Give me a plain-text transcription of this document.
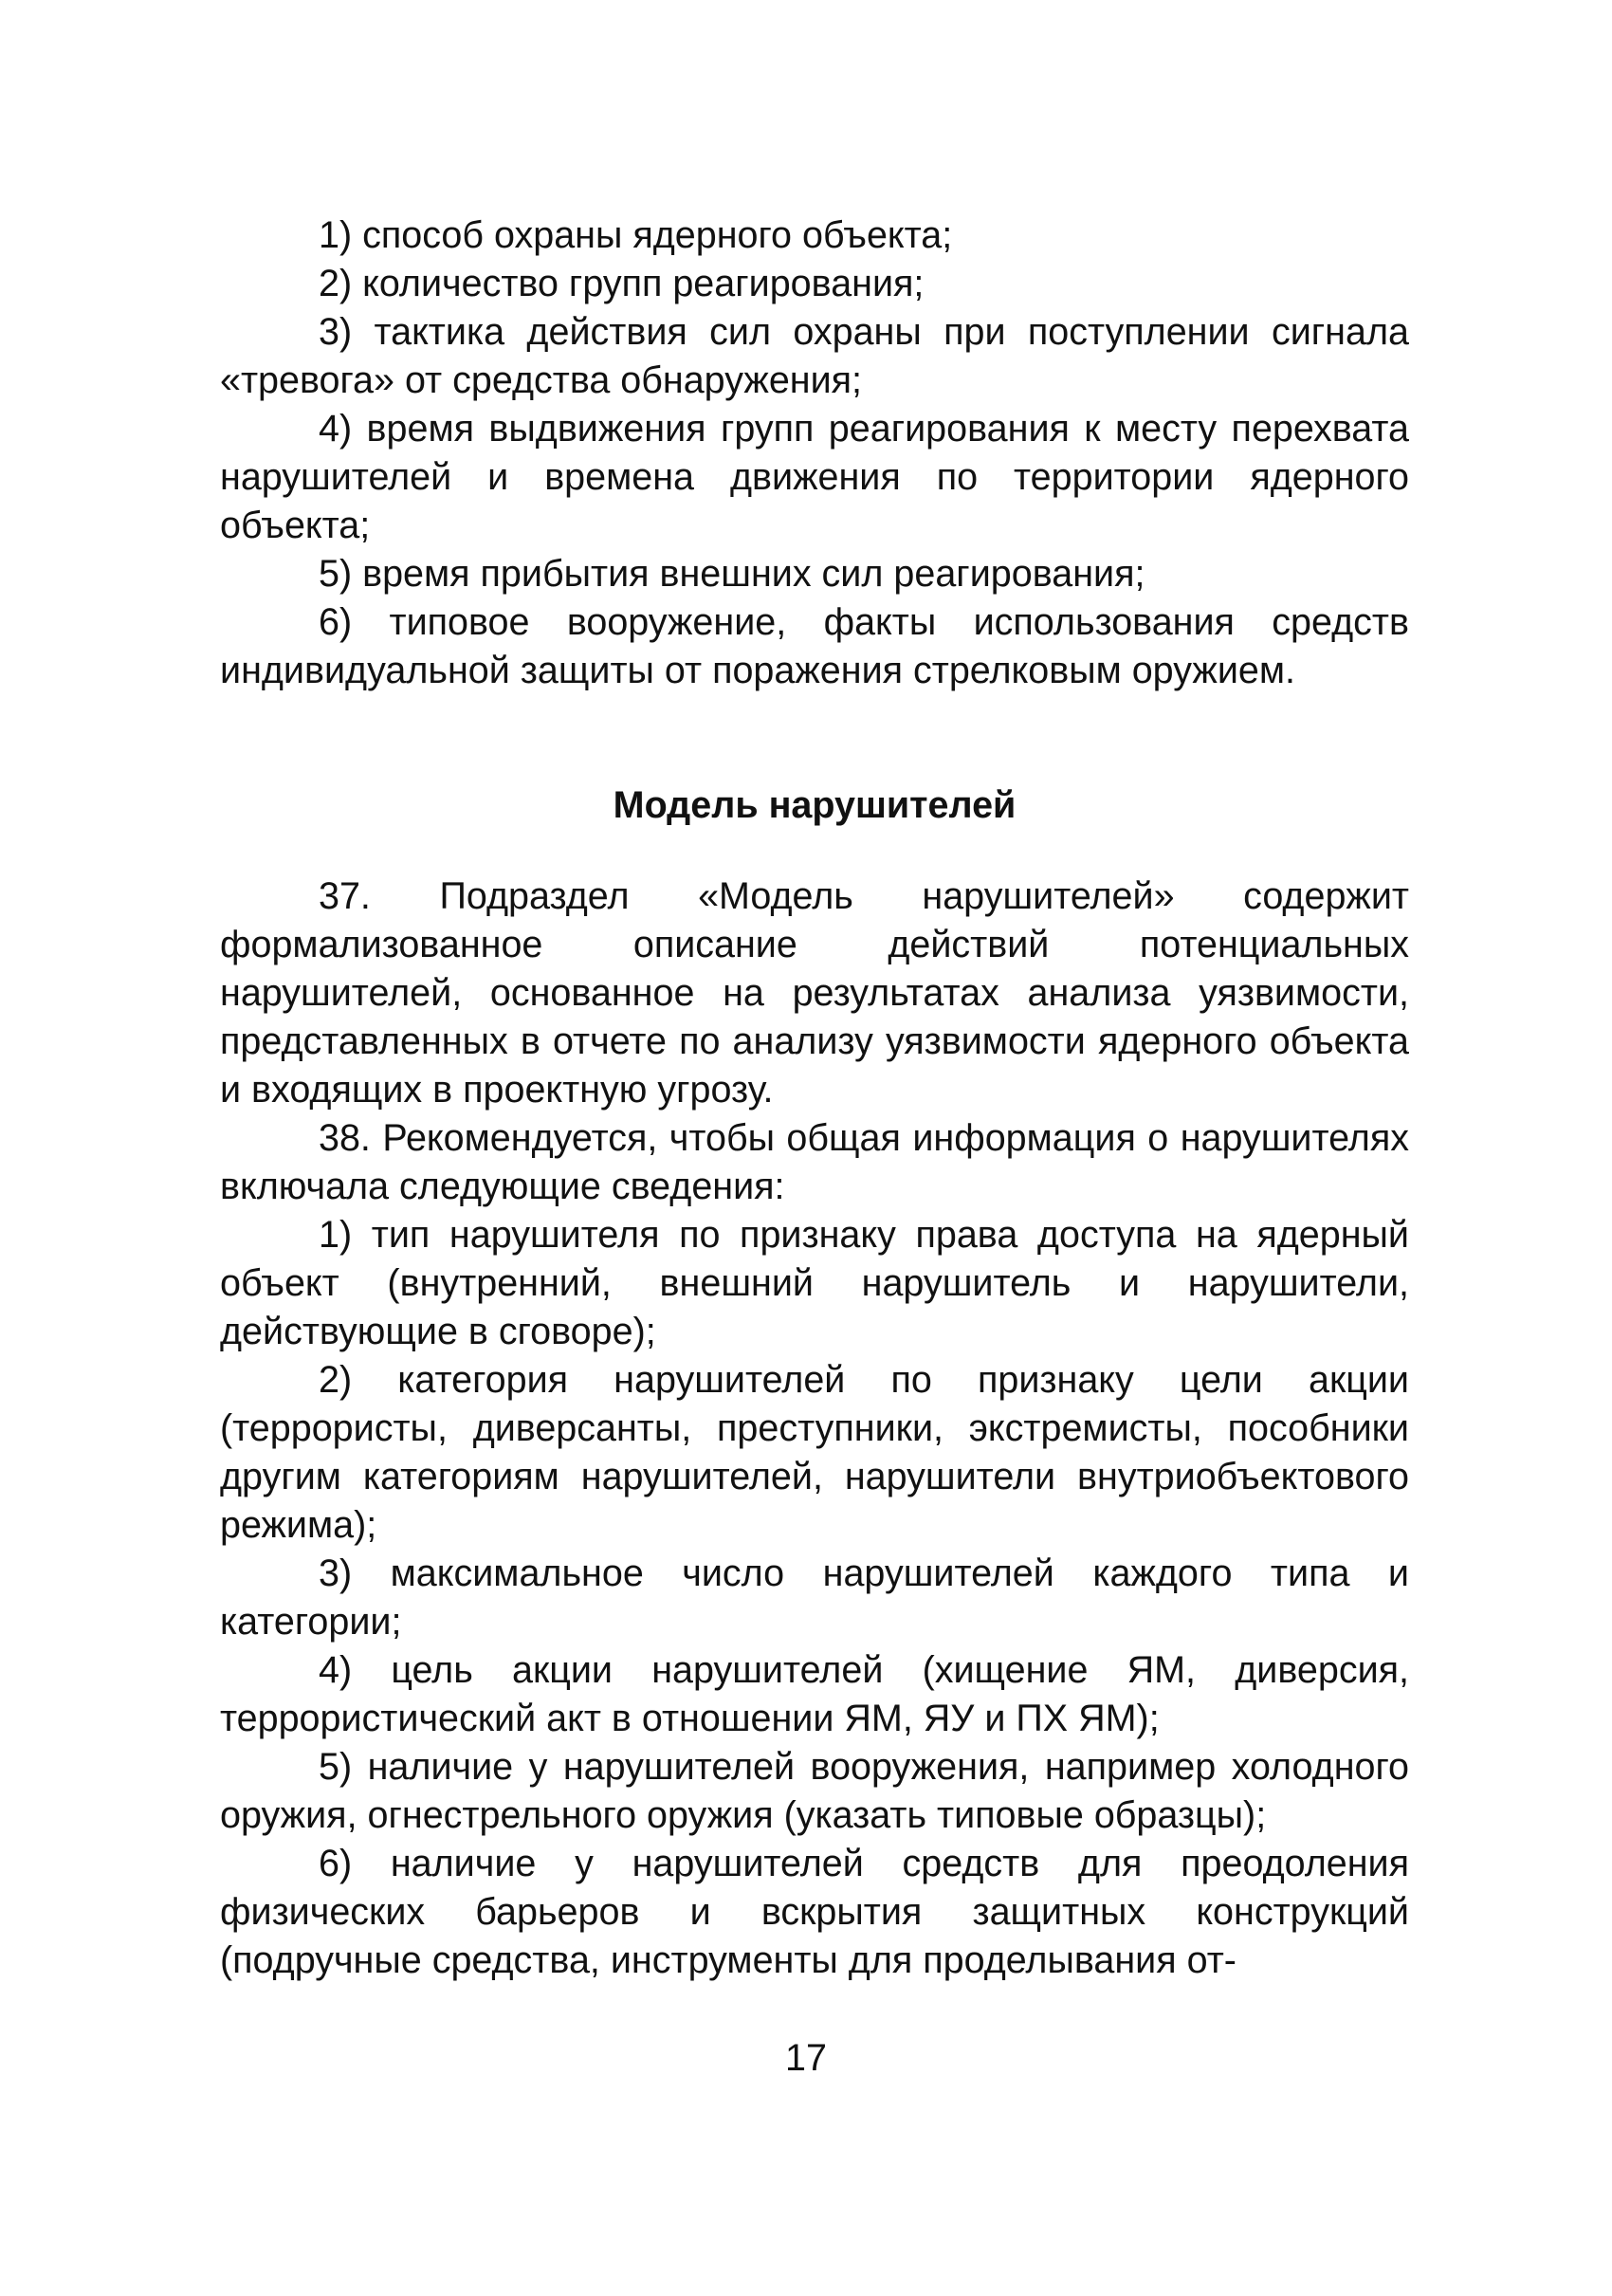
1) способ охраны ядерного объекта;

2) количество групп реагирования;

3) тактика действия сил охраны при поступлении сигнала «тревога» от средства обнаружения;

4) время выдвижения групп реагирования к месту перехвата нарушителей и времена движения по территории ядерного объекта;

5) время прибытия внешних сил реагирования;

6) типовое вооружение, факты использования средств индивидуальной защиты от поражения стрелковым оружием.

Модель нарушителей

37. Подраздел «Модель нарушителей» содержит формализованное описание действий потенциальных нарушителей, основанное на результатах анализа уязвимости, представленных в отчете по анализу уязвимости ядерного объекта и входящих в проектную угрозу.

38. Рекомендуется, чтобы общая информация о нарушителях включала следующие сведения:

1) тип нарушителя по признаку права доступа на ядерный объект (внутренний, внешний нарушитель и нарушители, действующие в сговоре);

2) категория нарушителей по признаку цели акции (террористы, диверсанты, преступники, экстремисты, пособники другим категориям нарушителей, нарушители внутриобъектового режима);

3) максимальное число нарушителей каждого типа и категории;

4) цель акции нарушителей (хищение ЯМ, диверсия, террористический акт в отношении ЯМ, ЯУ и ПХ ЯМ);

5) наличие у нарушителей вооружения, например холодного оружия, огнестрельного оружия (указать типовые образцы);

6) наличие у нарушителей средств для преодоления физических барьеров и вскрытия защитных конструкций (подручные средства, инструменты для проделывания от-

17
